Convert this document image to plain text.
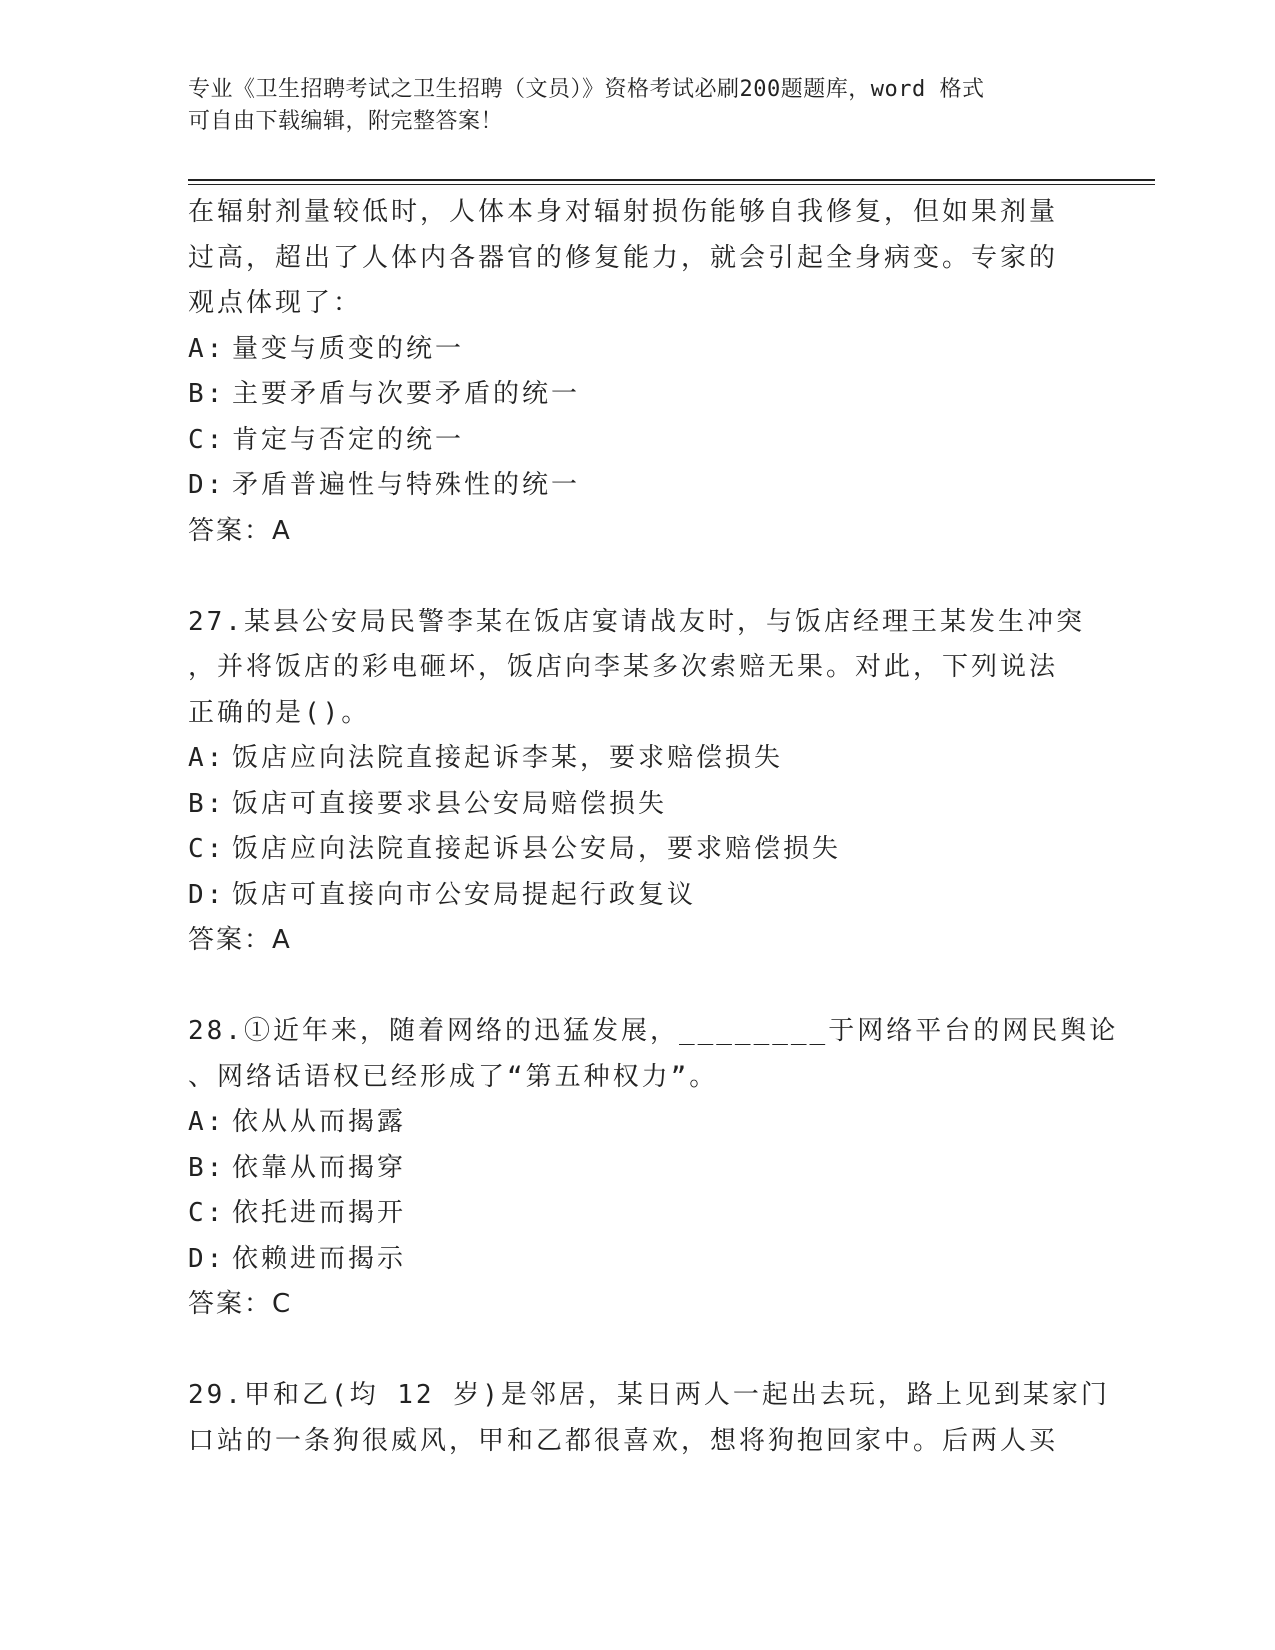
专业《卫生招聘考试之卫生招聘（文员）》资格考试必刷200题题库，word 格式
可自由下载编辑，附完整答案！
在辐射剂量较低时，人体本身对辐射损伤能够自我修复，但如果剂量
过高，超出了人体内各器官的修复能力，就会引起全身病变。专家的
观点体现了：
A: 量变与质变的统一
B: 主要矛盾与次要矛盾的统一
C: 肯定与否定的统一
D: 矛盾普遍性与特殊性的统一
答案：A
27.某县公安局民警李某在饭店宴请战友时，与饭店经理王某发生冲突
，并将饭店的彩电砸坏，饭店向李某多次索赔无果。对此，下列说法
正确的是()。
A: 饭店应向法院直接起诉李某，要求赔偿损失
B: 饭店可直接要求县公安局赔偿损失
C: 饭店应向法院直接起诉县公安局，要求赔偿损失
D: 饭店可直接向市公安局提起行政复议
答案：A
28.①近年来，随着网络的迅猛发展，________于网络平台的网民舆论
、网络话语权已经形成了“第五种权力”。
A: 依从从而揭露
B: 依靠从而揭穿
C: 依托进而揭开
D: 依赖进而揭示
答案：C
29.甲和乙(均 12 岁)是邻居，某日两人一起出去玩，路上见到某家门
口站的一条狗很威风，甲和乙都很喜欢，想将狗抱回家中。后两人买
